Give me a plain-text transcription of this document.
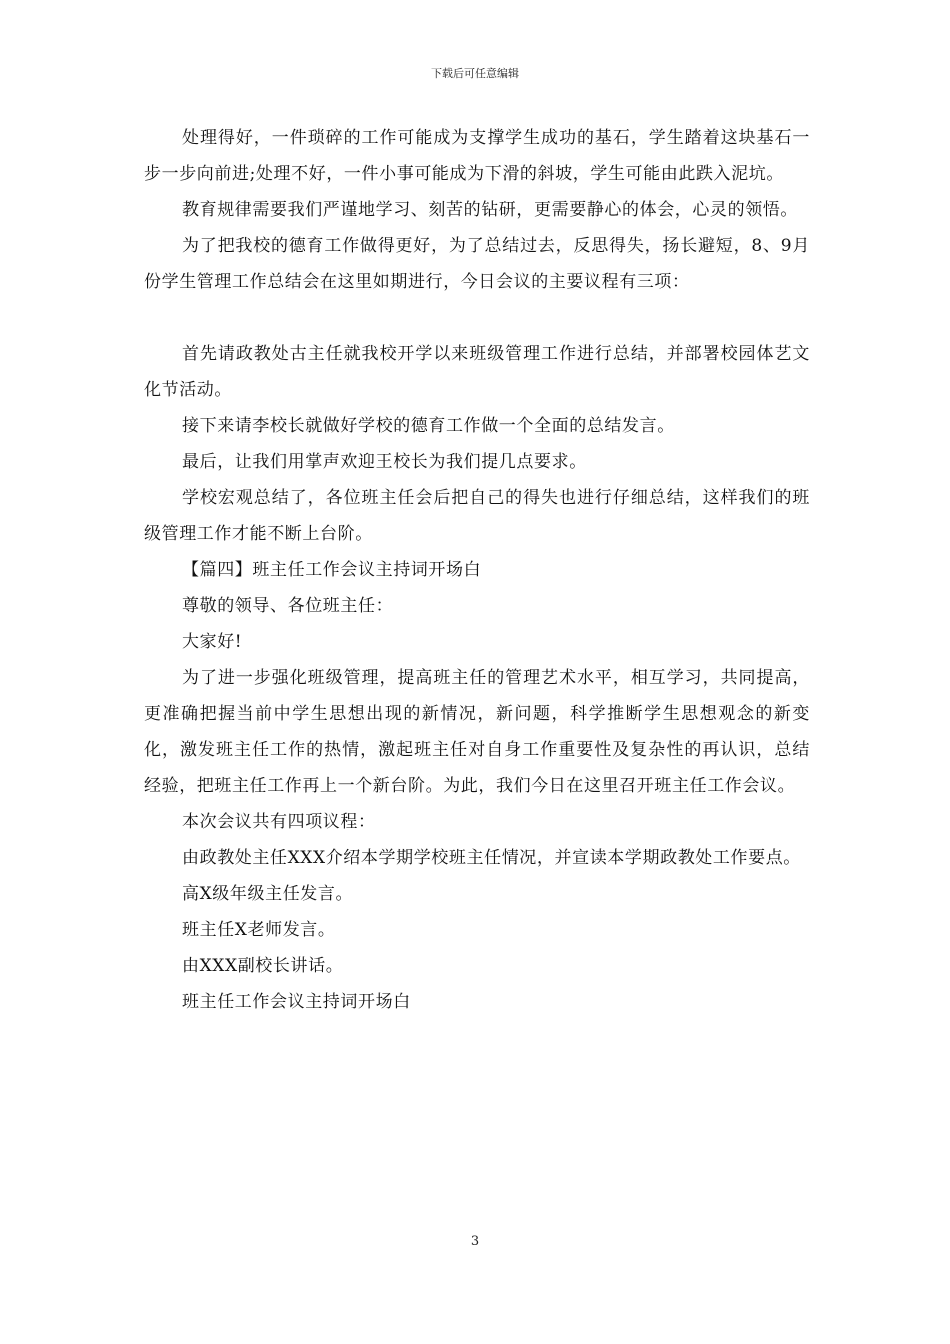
下载后可任意编辑

处理得好，一件琐碎的工作可能成为支撑学生成功的基石，学生踏着这块基石一步一步向前进;处理不好，一件小事可能成为下滑的斜坡，学生可能由此跌入泥坑。

教育规律需要我们严谨地学习、刻苦的钻研，更需要静心的体会，心灵的领悟。

为了把我校的德育工作做得更好，为了总结过去，反思得失，扬长避短，8、9月份学生管理工作总结会在这里如期进行，今日会议的主要议程有三项：

首先请政教处古主任就我校开学以来班级管理工作进行总结，并部署校园体艺文化节活动。

接下来请李校长就做好学校的德育工作做一个全面的总结发言。

最后，让我们用掌声欢迎王校长为我们提几点要求。

学校宏观总结了，各位班主任会后把自己的得失也进行仔细总结，这样我们的班级管理工作才能不断上台阶。

【篇四】班主任工作会议主持词开场白

尊敬的领导、各位班主任：

大家好!

为了进一步强化班级管理，提高班主任的管理艺术水平，相互学习，共同提高，更准确把握当前中学生思想出现的新情况，新问题，科学推断学生思想观念的新变化，激发班主任工作的热情，激起班主任对自身工作重要性及复杂性的再认识，总结经验，把班主任工作再上一个新台阶。为此，我们今日在这里召开班主任工作会议。

本次会议共有四项议程：

由政教处主任XXX介绍本学期学校班主任情况，并宣读本学期政教处工作要点。

高X级年级主任发言。

班主任X老师发言。

由XXX副校长讲话。

班主任工作会议主持词开场白

3
